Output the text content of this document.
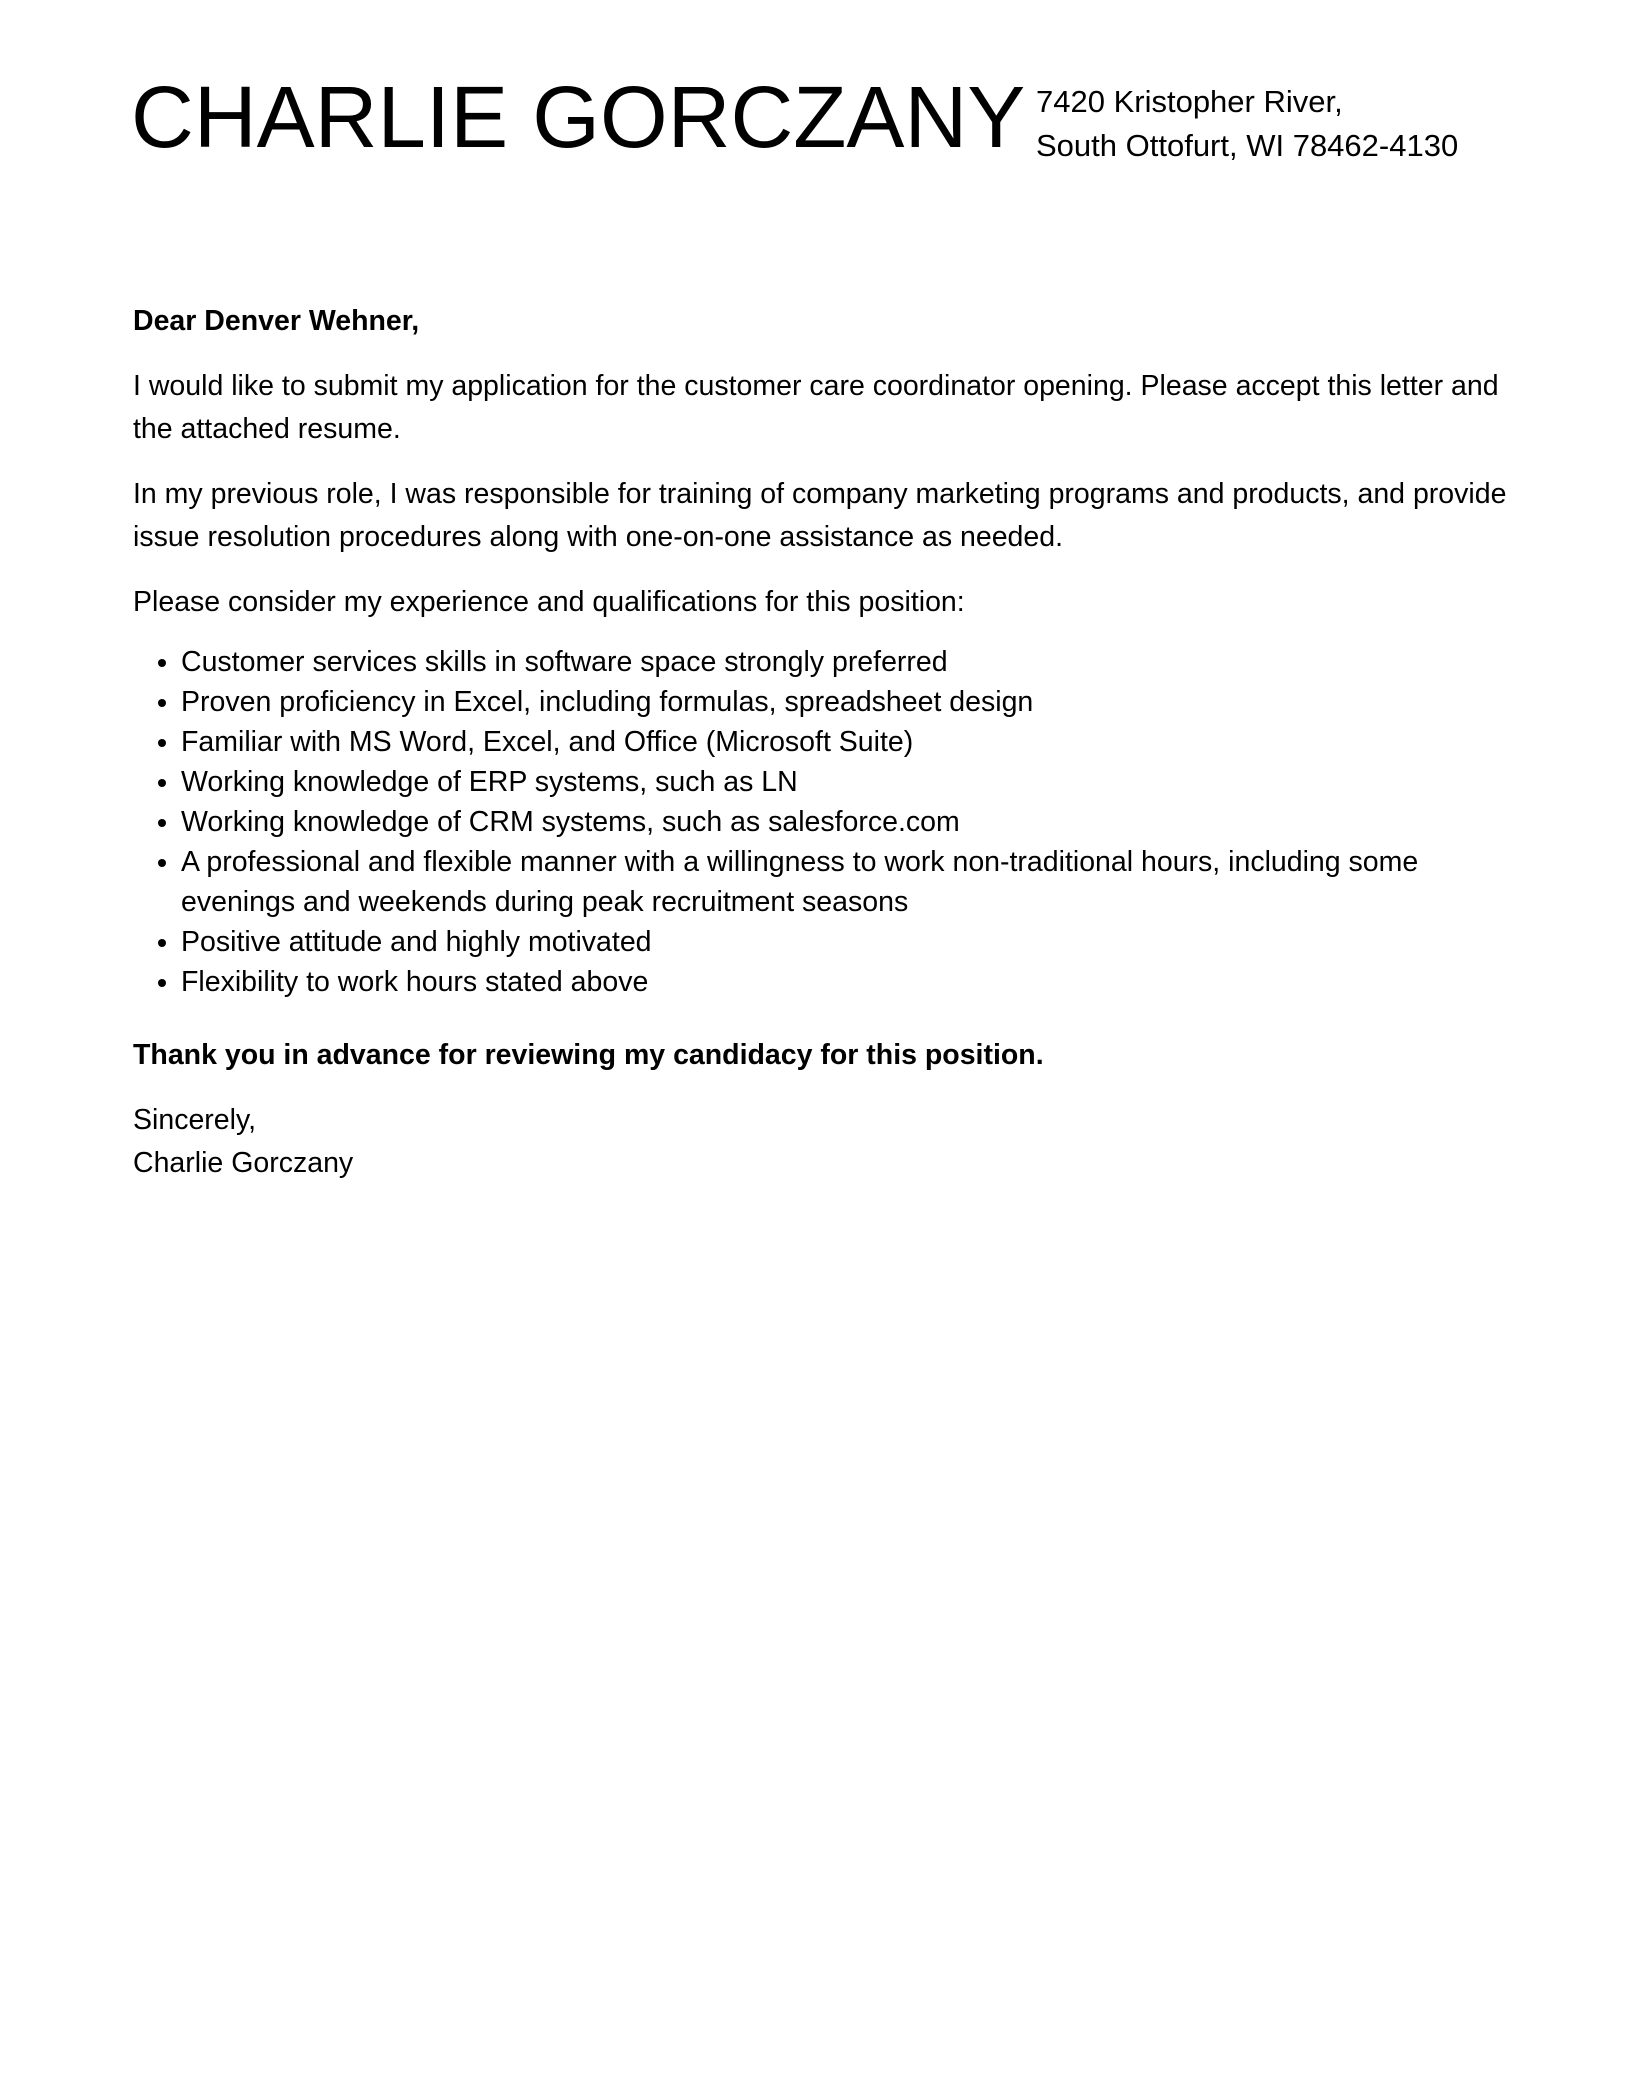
CHARLIE GORCZANY 7420 Kristopher River,
South Ottofurt, WI 78462-4130

Dear Denver Wehner,

I would like to submit my application for the customer care coordinator opening. Please accept this letter and the attached resume.

In my previous role, I was responsible for training of company marketing programs and products, and provide issue resolution procedures along with one-on-one assistance as needed.

Please consider my experience and qualifications for this position:

• Customer services skills in software space strongly preferred
• Proven proficiency in Excel, including formulas, spreadsheet design
• Familiar with MS Word, Excel, and Office (Microsoft Suite)
• Working knowledge of ERP systems, such as LN
• Working knowledge of CRM systems, such as salesforce.com
• A professional and flexible manner with a willingness to work non-traditional hours, including some evenings and weekends during peak recruitment seasons
• Positive attitude and highly motivated
• Flexibility to work hours stated above

Thank you in advance for reviewing my candidacy for this position.

Sincerely,

Charlie Gorczany
